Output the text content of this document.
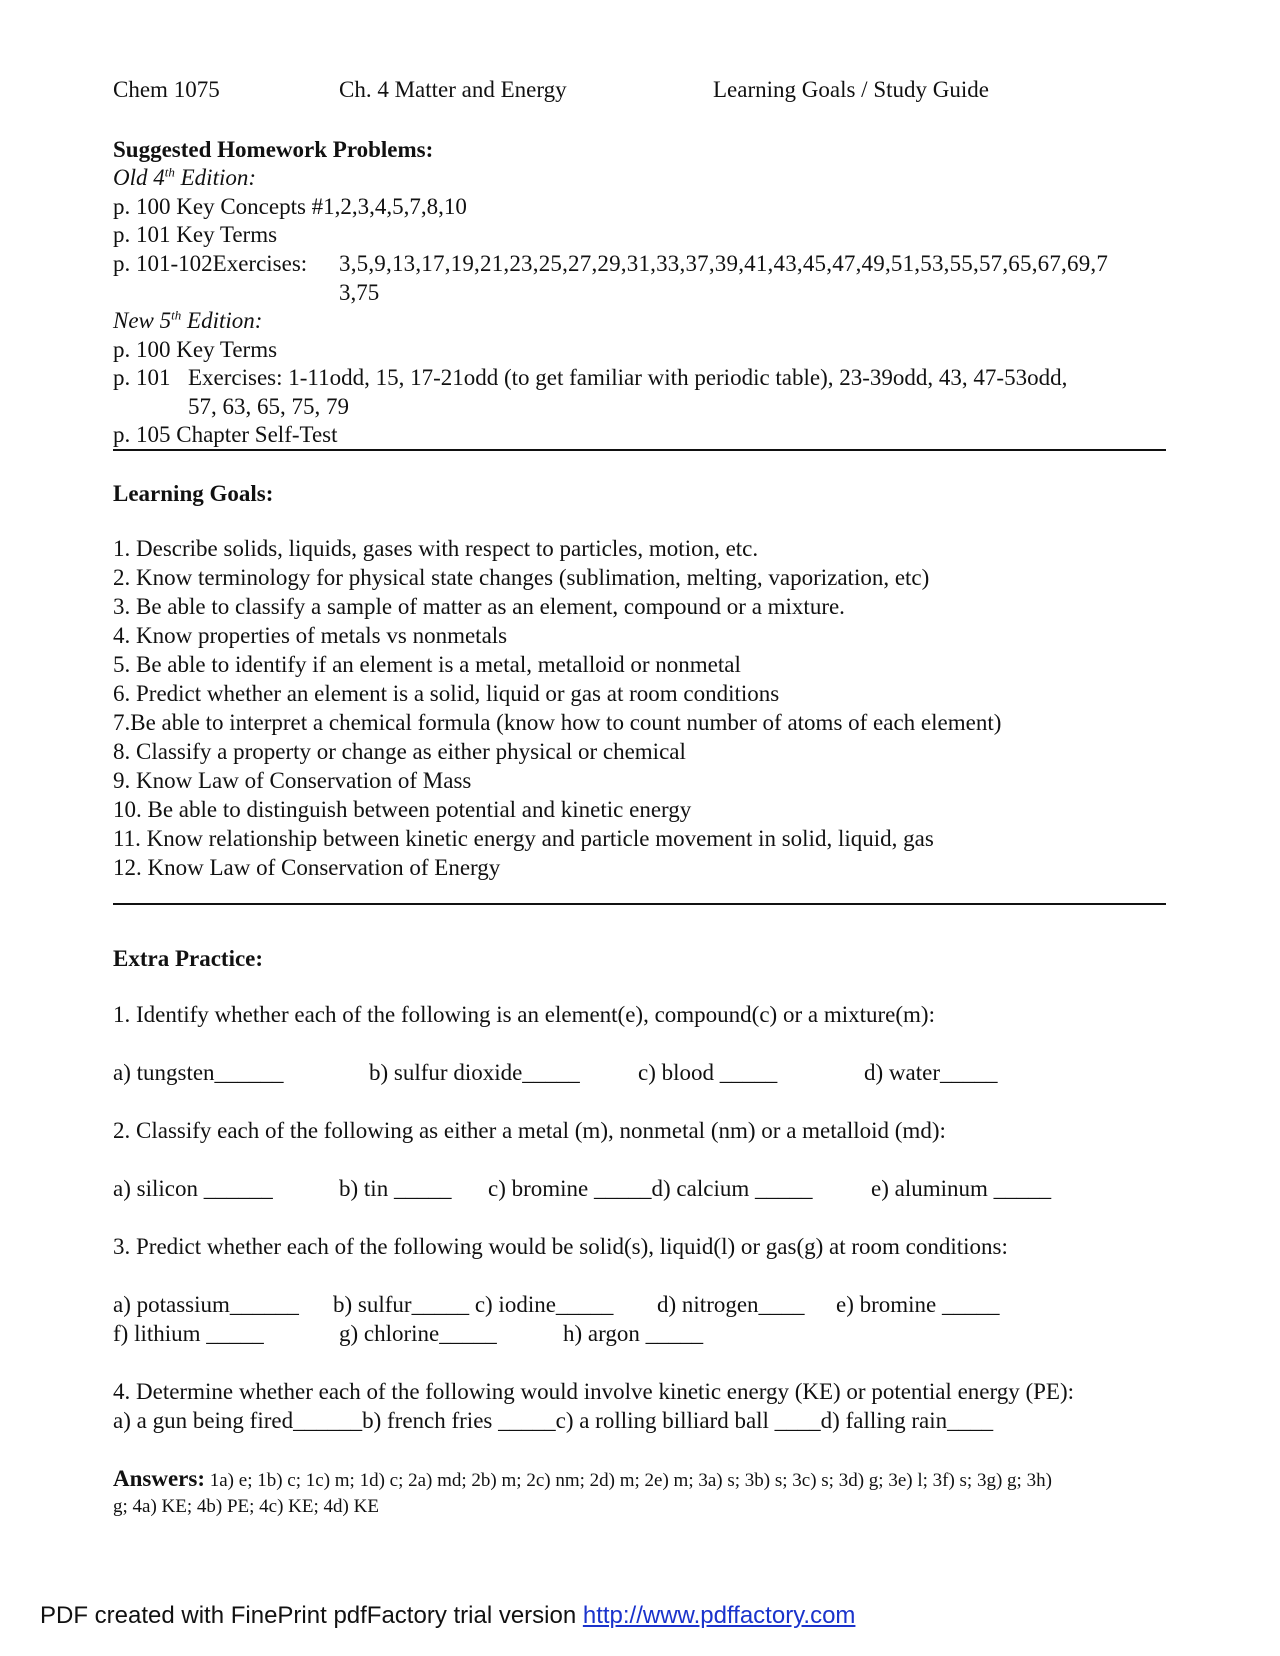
Chem 1075	Ch. 4 Matter and Energy	Learning Goals / Study Guide
Suggested Homework Problems:
Old 4th Edition:
p. 100 Key Concepts #1,2,3,4,5,7,8,10
p. 101 Key Terms
p. 101-102Exercises: 3,5,9,13,17,19,21,23,25,27,29,31,33,37,39,41,43,45,47,49,51,53,55,57,65,67,69,7
3,75
New 5th Edition:
p. 100 Key Terms
p. 101 Exercises: 1-11odd, 15, 17-21odd (to get familiar with periodic table), 23-39odd, 43, 47-53odd,
57, 63, 65, 75, 79
p. 105 Chapter Self-Test
Learning Goals:
1. Describe solids, liquids, gases with respect to particles, motion, etc.
2. Know terminology for physical state changes (sublimation, melting, vaporization, etc)
3. Be able to classify a sample of matter as an element, compound or a mixture.
4. Know properties of metals vs nonmetals
5. Be able to identify if an element is a metal, metalloid or nonmetal
6. Predict whether an element is a solid, liquid or gas at room conditions
7.Be able to interpret a chemical formula (know how to count number of atoms of each element)
8. Classify a property or change as either physical or chemical
9. Know Law of Conservation of Mass
10. Be able to distinguish between potential and kinetic energy
11. Know relationship between kinetic energy and particle movement in solid, liquid, gas
12. Know Law of Conservation of Energy
Extra Practice:
1. Identify whether each of the following is an element(e), compound(c) or a mixture(m):
a) tungsten______	b) sulfur dioxide_____	c) blood _____	d) water_____
2. Classify each of the following as either a metal (m), nonmetal (nm) or a metalloid (md):
a) silicon ______	b) tin _____ c) bromine _____d) calcium _____	e) aluminum _____
3. Predict whether each of the following would be solid(s), liquid(l) or gas(g) at room conditions:
a) potassium______ b) sulfur_____ c) iodine_____ d) nitrogen____ e) bromine _____
f) lithium _____	g) chlorine_____	h) argon _____
4. Determine whether each of the following would involve kinetic energy (KE) or potential energy (PE):
a) a gun being fired______b) french fries _____c) a rolling billiard ball ____d) falling rain____
Answers: 1a) e; 1b) c; 1c) m; 1d) c; 2a) md; 2b) m; 2c) nm; 2d) m; 2e) m; 3a) s; 3b) s; 3c) s; 3d) g; 3e) l; 3f) s; 3g) g; 3h)
g; 4a) KE; 4b) PE; 4c) KE; 4d) KE
PDF created with FinePrint pdfFactory trial version http://www.pdffactory.com
